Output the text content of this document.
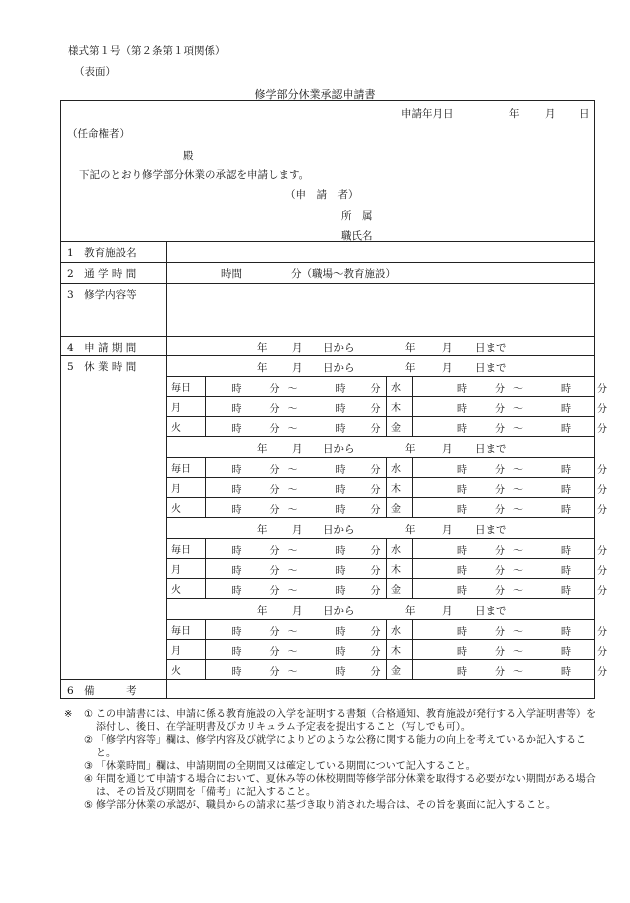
様式第１号（第２条第１項関係）
（表面）
修学部分休業承認申請書
申請年月日	年 月 日
（任命権者）
殿
下記のとおり修学部分休業の承認を申請します。
（申　請　者）
所　属
職氏名

1　教育施設名

2　通 学 時 間	時間	分（職場～教育施設）

3　修学内容等

4　申 請 期 間	年 月 日から	年	月 日まで

5　休 業 時 間	年 月 日から	年	月 日まで
毎日	時	分 ～	時	分	水	時	分 ～	時	分

月	時	分 ～	時	分	木	時	分 ～	時	分

火	時	分 ～	時	分	金	時	分 ～	時	分
年 月 日から	年	月 日まで
毎日	時	分 ～	時	分	水	時	分 ～	時	分

月	時	分 ～	時	分	木	時	分 ～	時	分

火	時	分 ～	時	分	金	時	分 ～	時	分
年 月 日から	年	月 日まで
毎日	時	分 ～	時	分	水	時	分 ～	時	分

月	時	分 ～	時	分	木	時	分 ～	時	分

火	時	分 ～	時	分	金	時	分 ～	時	分
年 月 日から	年	月 日まで
毎日	時	分 ～	時	分	水	時	分 ～	時	分

月	時	分 ～	時	分	木	時	分 ～	時	分

火	時	分 ～	時	分	金	時	分 ～	時	分

6　備　　　考

※ ① この申請書には、申請に係る教育施設の入学を証明する書類（合格通知、教育施設が発行する入学証明書等）を添付し、後日、在学証明書及びカリキュラム予定表を提出すること（写しでも可）。
② 「修学内容等」欄は、修学内容及び就学によりどのような公務に関する能力の向上を考えているか記入すること。
③ 「休業時間」欄は、申請期間の全期間又は確定している期間について記入すること。
④ 年間を通じて申請する場合において、夏休み等の休校期間等修学部分休業を取得する必要がない期間がある場合は、その旨及び期間を「備考」に記入すること。
⑤ 修学部分休業の承認が、職員からの請求に基づき取り消された場合は、その旨を裏面に記入すること。
